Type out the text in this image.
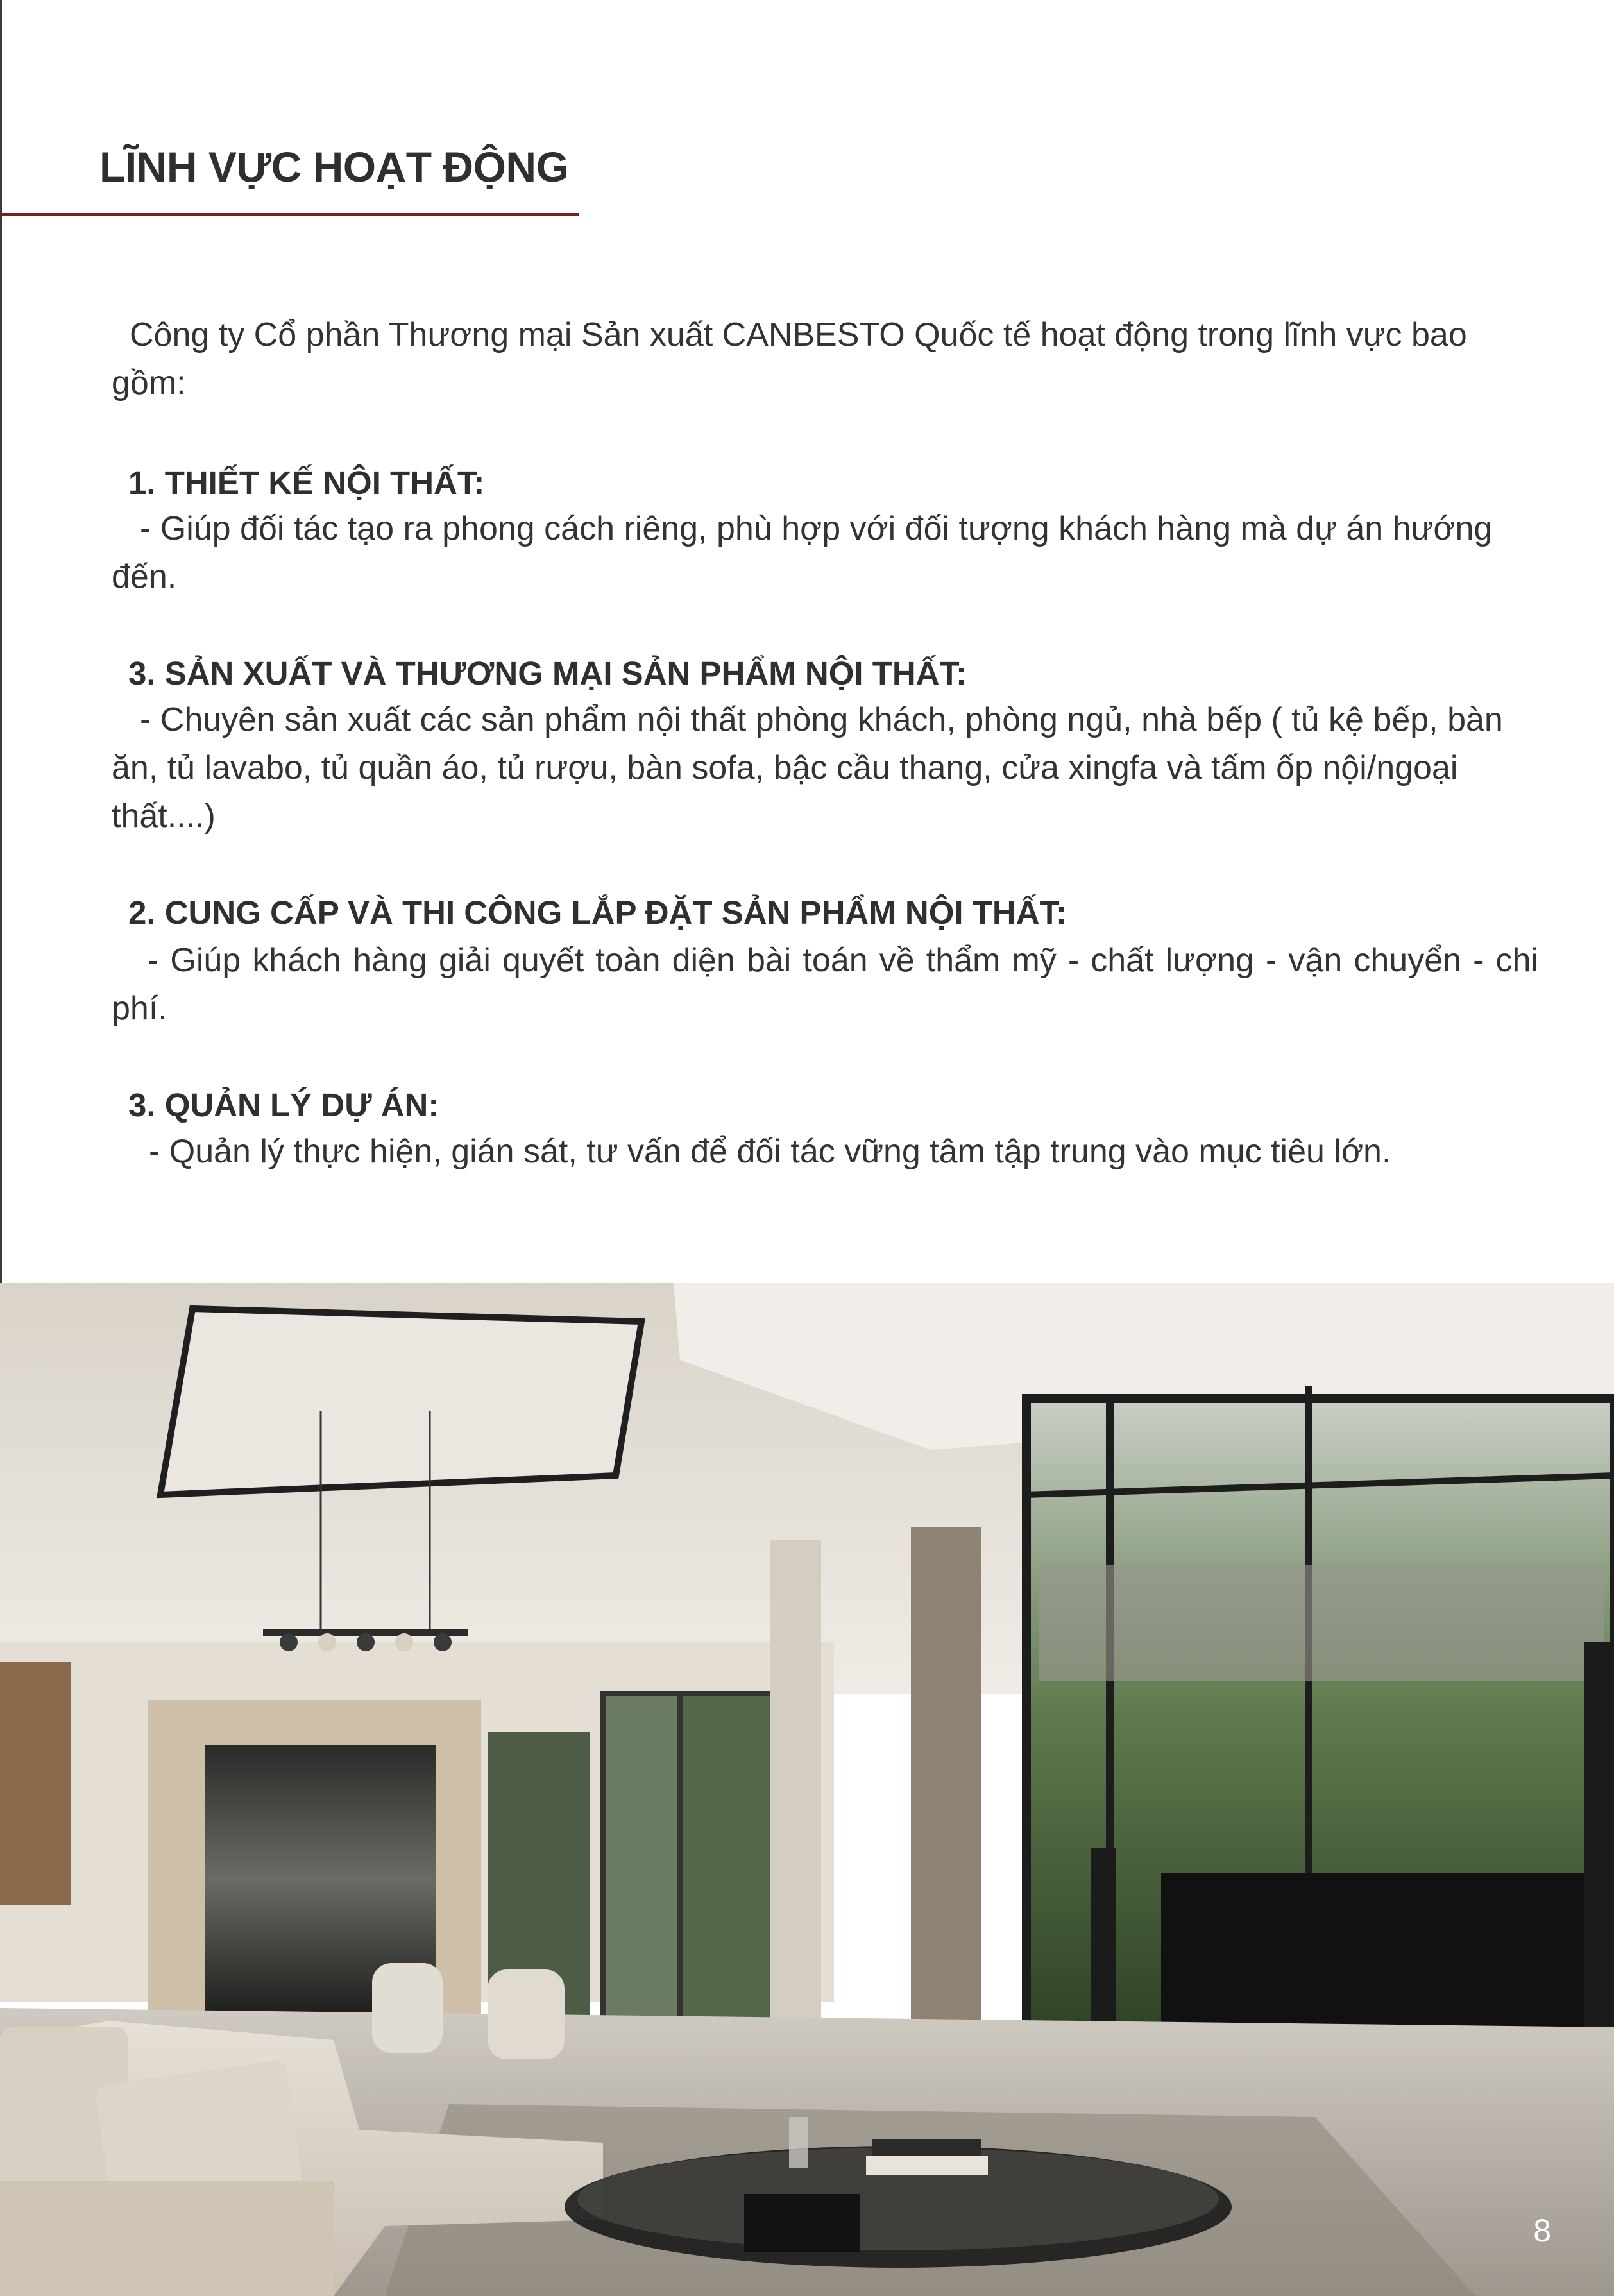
LĨNH VỰC HOẠT ĐỘNG

Công ty Cổ phần Thương mại Sản xuất CANBESTO Quốc tế hoạt động trong lĩnh vực bao gồm:

1. THIẾT KẾ NỘI THẤT:

- Giúp đối tác tạo ra phong cách riêng, phù hợp với đối tượng khách hàng mà dự án hướng đến.

3. SẢN XUẤT VÀ THƯƠNG MẠI SẢN PHẨM NỘI THẤT:

- Chuyên sản xuất các sản phẩm nội thất phòng khách, phòng ngủ, nhà bếp ( tủ kệ bếp, bàn ăn, tủ lavabo, tủ quần áo, tủ rượu, bàn sofa, bậc cầu thang, cửa xingfa và tấm ốp nội/ngoại thất....)

2. CUNG CẤP VÀ THI CÔNG LẮP ĐẶT SẢN PHẨM NỘI THẤT:

- Giúp khách hàng giải quyết toàn diện bài toán về thẩm mỹ - chất lượng - vận chuyển - chi phí.

3. QUẢN LÝ DỰ ÁN:

- Quản lý thực hiện, gián sát, tư vấn để đối tác vững tâm tập trung vào mục tiêu lớn.

8
